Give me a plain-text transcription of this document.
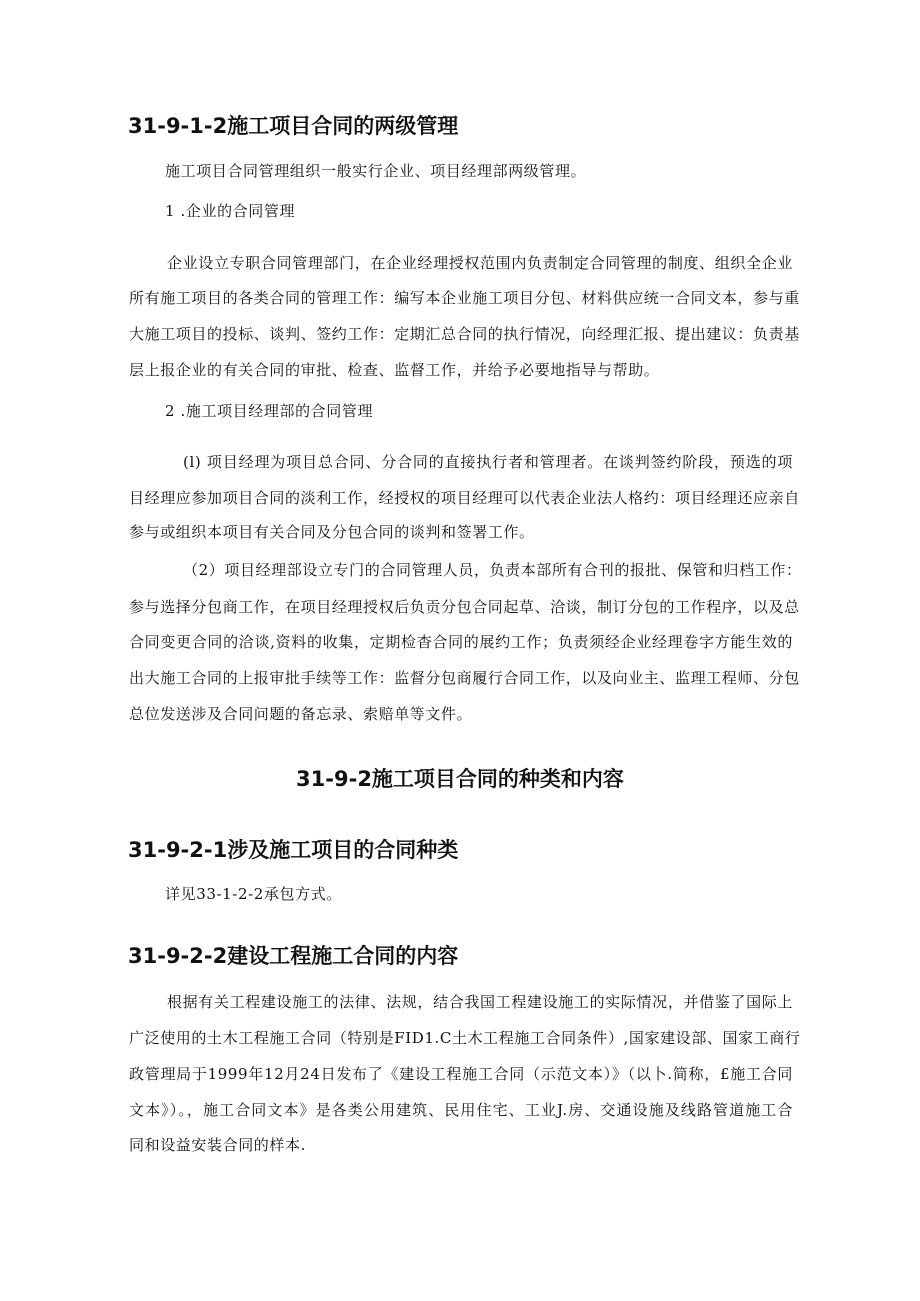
31-9-1-2施工项目合同的两级管理
施工项目合同管理组织一般实行企业、项目经理部两级管理。
1 .企业的合同管理
企业设立专职合同管理部门，在企业经理授权范围内负责制定合同管理的制度、组织全企业
所有施工项目的各类合同的管理工作：编写本企业施工项目分包、材料供应统一合同文本，参与重
大施工项目的投标、谈判、签约工作：定期汇总合同的执行情况，向经理汇报、提出建议：负责基
层上报企业的有关合同的审批、检查、监督工作，并给予必要地指导与帮助。
2 .施工项目经理部的合同管理
(l) 项目经理为项目总合同、分合同的直接执行者和管理者。在谈判签约阶段，预选的项
目经理应参加项目合同的淡利工作，经授权的项目经理可以代表企业法人格约：项目经理还应亲自
参与或组织本项目有关合同及分包合同的谈判和签署工作。
（2）项目经理部设立专门的合同管理人员，负责本部所有合刊的报批、保管和归档工作：
参与选择分包商工作，在项目经理授权后负贡分包合同起草、洽谈，制订分包的工作程序，以及总
合同变更合同的洽谈,资料的收集，定期检杳合同的展约工作；负责须经企业经理卷字方能生效的
出大施工合同的上报审批手续等工作：监督分包商履行合同工作，以及向业主、监理工程师、分包
总位发送涉及合同问题的备忘录、索赔单等文件。
31-9-2施工项目合同的种类和内容
31-9-2-1涉及施工项目的合同种类
详见33-1-2-2承包方式。
31-9-2-2建设工程施工合同的内容
根据有关工程建设施工的法律、法规，结合我国工程建设施工的实际情况，并借鉴了国际上
广泛使用的土木工程施工合同（特别是FID1.C土木工程施工合同条件）,国家建设部、国家工商行
政管理局于1999年12月24日发布了《建设工程施工合同（示范文本）》（以卜.简称，£施工合同
文本》）。，施工合同文本》是各类公用建筑、民用住宅、工业J.房、交通设施及线路管道施工合
同和设益安装合同的样本.
